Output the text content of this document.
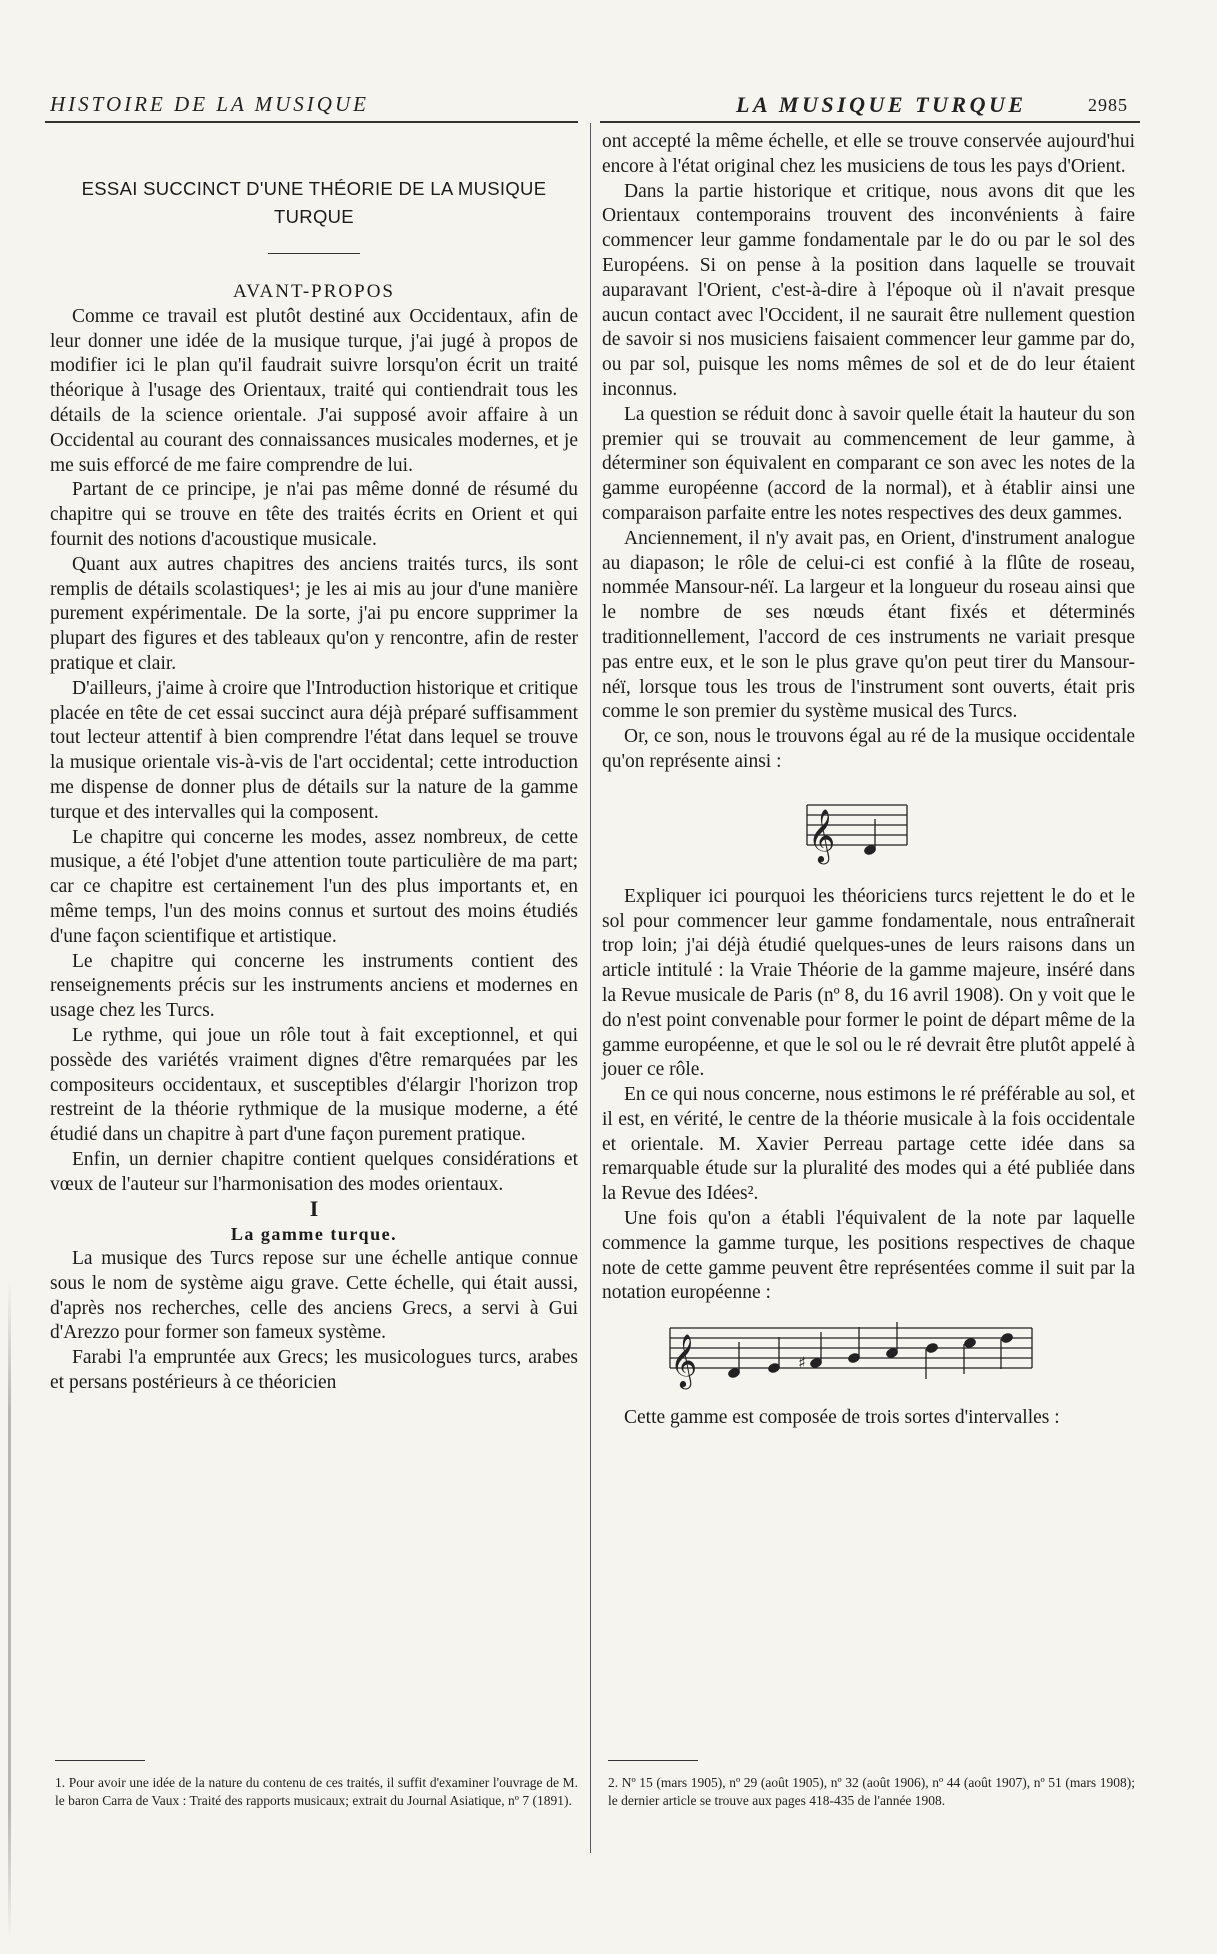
HISTOIRE DE LA MUSIQUE	LA MUSIQUE TURQUE	2985

ESSAI SUCCINCT D'UNE THÉORIE DE LA MUSIQUE TURQUE

AVANT-PROPOS

Comme ce travail est plutôt destiné aux Occidentaux, afin de leur donner une idée de la musique turque, j'ai jugé à propos de modifier ici le plan qu'il faudrait suivre lorsqu'on écrit un traité théorique à l'usage des Orientaux, traité qui contiendrait tous les détails de la science orientale. J'ai supposé avoir affaire à un Occidental au courant des connaissances musicales modernes, et je me suis efforcé de me faire comprendre de lui.

Partant de ce principe, je n'ai pas même donné de résumé du chapitre qui se trouve en tête des traités écrits en Orient et qui fournit des notions d'acoustique musicale.

Quant aux autres chapitres des anciens traités turcs, ils sont remplis de détails scolastiques¹; je les ai mis au jour d'une manière purement expérimentale. De la sorte, j'ai pu encore supprimer la plupart des figures et des tableaux qu'on y rencontre, afin de rester pratique et clair.

D'ailleurs, j'aime à croire que l'Introduction historique et critique placée en tête de cet essai succinct aura déjà préparé suffisamment tout lecteur attentif à bien comprendre l'état dans lequel se trouve la musique orientale vis-à-vis de l'art occidental; cette introduction me dispense de donner plus de détails sur la nature de la gamme turque et des intervalles qui la composent.

Le chapitre qui concerne les modes, assez nombreux, de cette musique, a été l'objet d'une attention toute particulière de ma part; car ce chapitre est certainement l'un des plus importants et, en même temps, l'un des moins connus et surtout des moins étudiés d'une façon scientifique et artistique.

Le chapitre qui concerne les instruments contient des renseignements précis sur les instruments anciens et modernes en usage chez les Turcs.

Le rythme, qui joue un rôle tout à fait exceptionnel, et qui possède des variétés vraiment dignes d'être remarquées par les compositeurs occidentaux, et susceptibles d'élargir l'horizon trop restreint de la théorie rythmique de la musique moderne, a été étudié dans un chapitre à part d'une façon purement pratique.

Enfin, un dernier chapitre contient quelques considérations et vœux de l'auteur sur l'harmonisation des modes orientaux.

I

La gamme turque.

La musique des Turcs repose sur une échelle antique connue sous le nom de système aigu grave. Cette échelle, qui était aussi, d'après nos recherches, celle des anciens Grecs, a servi à Gui d'Arezzo pour former son fameux système.

Farabi l'a empruntée aux Grecs; les musicologues turcs, arabes et persans postérieurs à ce théoricien

1. Pour avoir une idée de la nature du contenu de ces traités, il suffit d'examiner l'ouvrage de M. le baron Carra de Vaux : Traité des rapports musicaux; extrait du Journal Asiatique, nº 7 (1891).

ont accepté la même échelle, et elle se trouve conservée aujourd'hui encore à l'état original chez les musiciens de tous les pays d'Orient.

Dans la partie historique et critique, nous avons dit que les Orientaux contemporains trouvent des inconvénients à faire commencer leur gamme fondamentale par le do ou par le sol des Européens. Si on pense à la position dans laquelle se trouvait auparavant l'Orient, c'est-à-dire à l'époque où il n'avait presque aucun contact avec l'Occident, il ne saurait être nullement question de savoir si nos musiciens faisaient commencer leur gamme par do, ou par sol, puisque les noms mêmes de sol et de do leur étaient inconnus.

La question se réduit donc à savoir quelle était la hauteur du son premier qui se trouvait au commencement de leur gamme, à déterminer son équivalent en comparant ce son avec les notes de la gamme européenne (accord de la normal), et à établir ainsi une comparaison parfaite entre les notes respectives des deux gammes.

Anciennement, il n'y avait pas, en Orient, d'instrument analogue au diapason; le rôle de celui-ci est confié à la flûte de roseau, nommée Mansour-néï. La largeur et la longueur du roseau ainsi que le nombre de ses nœuds étant fixés et déterminés traditionnellement, l'accord de ces instruments ne variait presque pas entre eux, et le son le plus grave qu'on peut tirer du Mansour-néï, lorsque tous les trous de l'instrument sont ouverts, était pris comme le son premier du système musical des Turcs.

Or, ce son, nous le trouvons égal au ré de la musique occidentale qu'on représente ainsi :

𝄞

Expliquer ici pourquoi les théoriciens turcs rejettent le do et le sol pour commencer leur gamme fondamentale, nous entraînerait trop loin; j'ai déjà étudié quelques-unes de leurs raisons dans un article intitulé : la Vraie Théorie de la gamme majeure, inséré dans la Revue musicale de Paris (nº 8, du 16 avril 1908). On y voit que le do n'est point convenable pour former le point de départ même de la gamme européenne, et que le sol ou le ré devrait être plutôt appelé à jouer ce rôle.

En ce qui nous concerne, nous estimons le ré préférable au sol, et il est, en vérité, le centre de la théorie musicale à la fois occidentale et orientale. M. Xavier Perreau partage cette idée dans sa remarquable étude sur la pluralité des modes qui a été publiée dans la Revue des Idées².

Une fois qu'on a établi l'équivalent de la note par laquelle commence la gamme turque, les positions respectives de chaque note de cette gamme peuvent être représentées comme il suit par la notation européenne :

𝄞	♯

Cette gamme est composée de trois sortes d'intervalles :

2. Nº 15 (mars 1905), nº 29 (août 1905), nº 32 (août 1906), nº 44 (août 1907), nº 51 (mars 1908); le dernier article se trouve aux pages 418-435 de l'année 1908.
